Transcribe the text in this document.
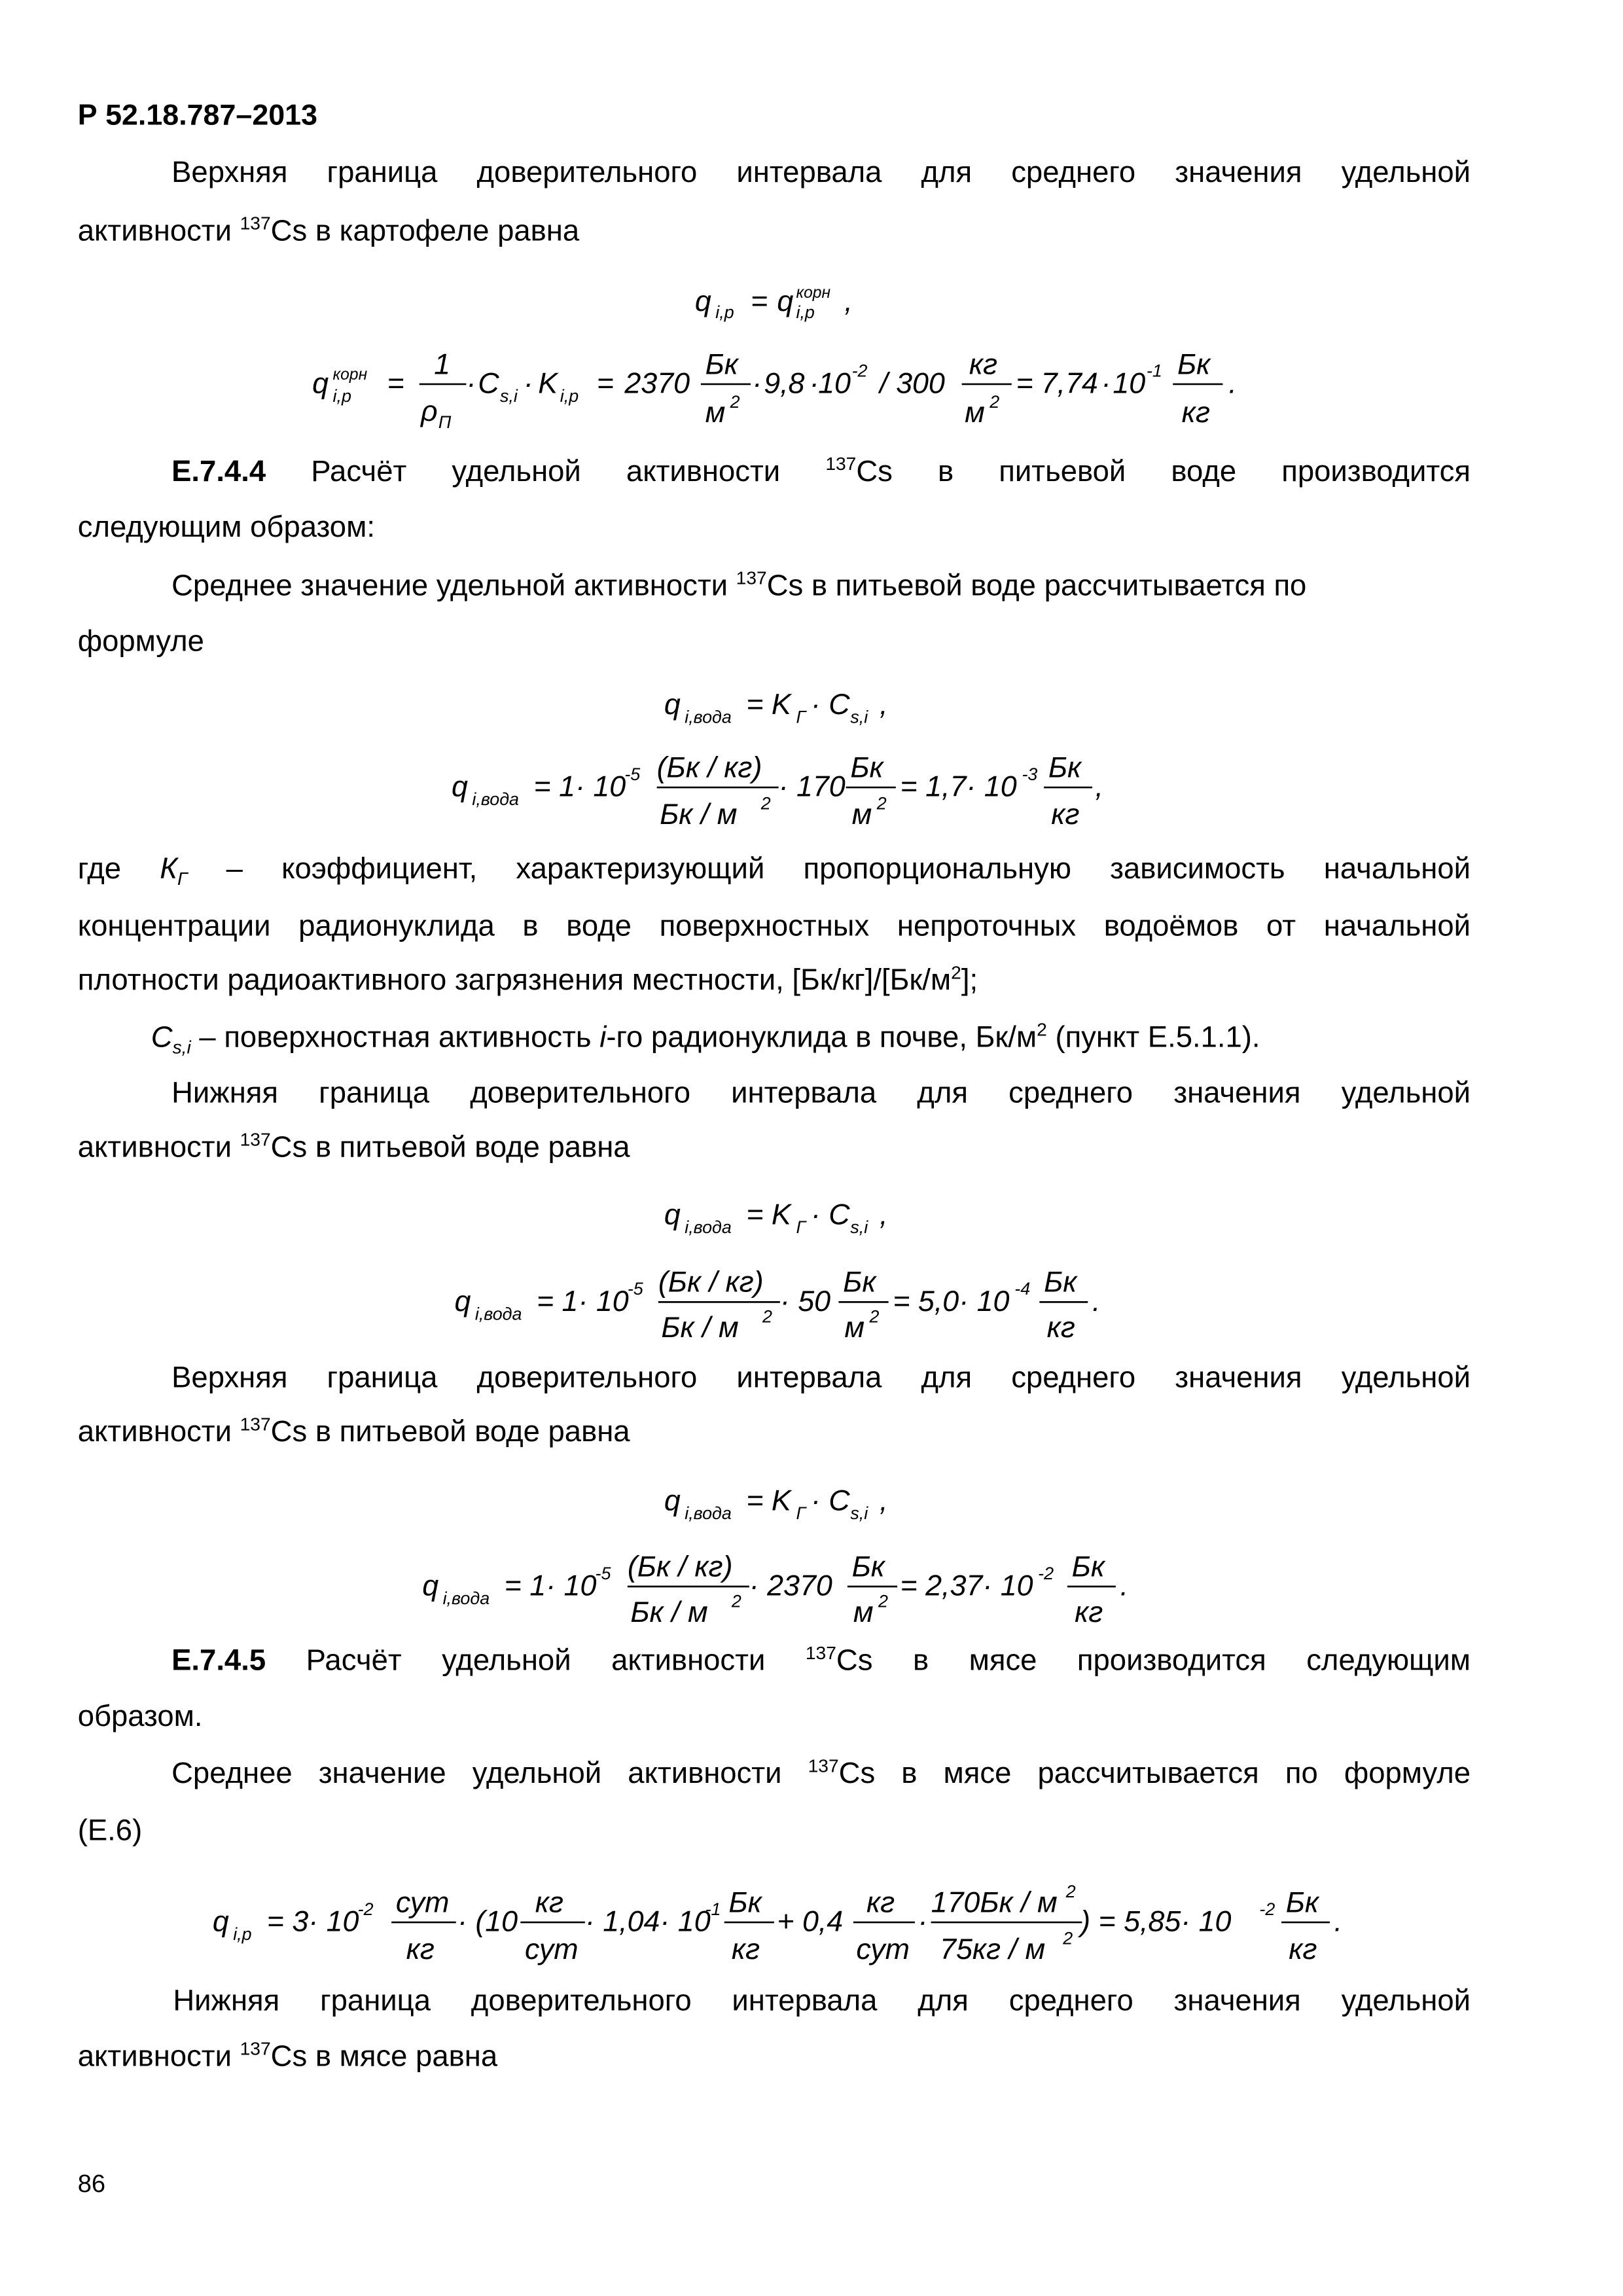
Р 52.18.787–2013
Верхняя граница доверительного интервала для среднего значения удельной
активности $^{137}$Cs в картофеле равна
q i,p = q корн
i,p ,
q корн
i,p	=
1
ρ П
· C s,i · K i,p = 2370
Бк
м 2
· 9,8 ·
10 -2 / 300
кг
м 2
= 7,74 · 10 -1 Бк
кг
.
Е.7.4.4 Расчёт удельной активности $^{137}$Cs в питьевой воде производится
следующим образом:
Среднее значение удельной активности $^{137}$Cs в питьевой воде рассчитывается по
формуле
q i,вода = K Г · C s,i ,
q i,вода = 1· 10
-5 (Бк / кг)
Бк / м	2
· 170
Бк
м 2
= 1,7· 10 -3 Бк
кг
,
где $К_Г$ – коэффициент, характеризующий пропорциональную зависимость начальной
концентрации радионуклида в воде поверхностных непроточных водоёмов от начальной
плотности радиоактивного загрязнения местности, $[Бк/кг]/[Бк/м^2]$;
$C_{s,i}$ – поверхностная активность i-го радионуклида в почве, $Бк/м^2$ (пункт Е.5.1.1).
Нижняя граница доверительного интервала для среднего значения удельной
активности $^{137}$Cs в питьевой воде равна
q i,вода = K Г · C s,i ,
q i,вода = 1· 10
-5 (Бк / кг)
Бк / м	2 · 50
Бк
м 2 = 5,0· 10 -4 Бк
кг
.
Верхняя граница доверительного интервала для среднего значения удельной
активности $^{137}$Cs в питьевой воде равна
q i,вода = K Г · C s,i ,
q i,вода = 1· 10
-5 (Бк / кг)
Бк / м	2 · 2370
Бк
м 2 = 2,37· 10 -2 Бк
кг
.
Е.7.4.5 Расчёт удельной активности $^{137}$Cs в мясе производится следующим
образом.
Среднее значение удельной активности $^{137}$Cs в мясе рассчитывается по формуле
(Е.6)
q i,p = 3· 10
-2 сут
кг
· (10
кг
сут
· 1,04· 10
-1 Бк
кг
+ 0,4
кг
сут
·
170Бк / м 2
75кг / м 2
) = 5,85· 10	-2 Бк
кг
.
Нижняя граница доверительного интервала для среднего значения удельной
активности $^{137}$Cs в мясе равна
86
